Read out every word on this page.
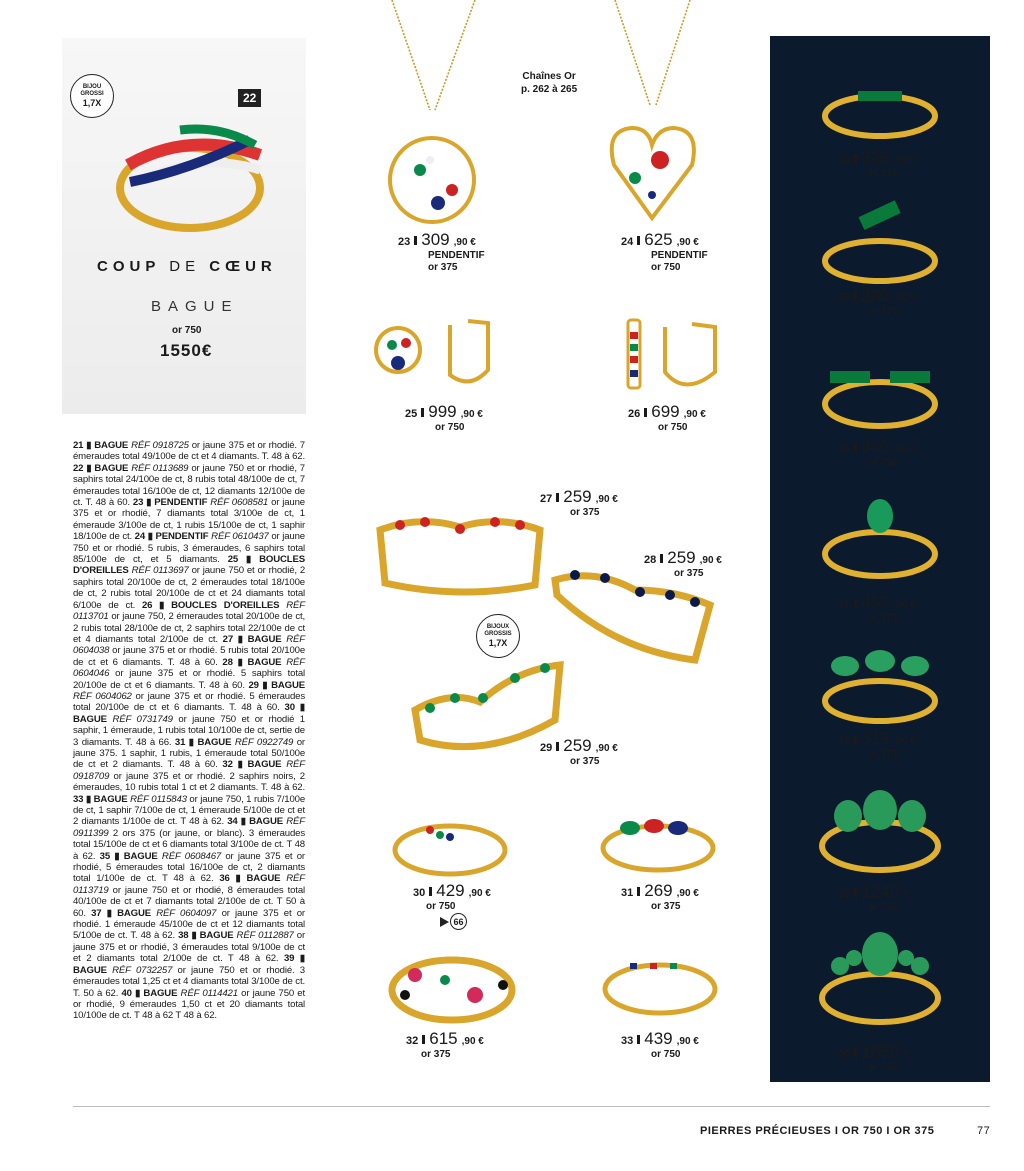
BIJOU
GROSSI
1,7X	22
COUP DE CŒUR
BAGUE
or 750
1550€
21 ▮ BAGUE RÉF 0918725 or jaune 375 et or rhodié. 7 émeraudes total 49/100e de ct et 4 diamants. T. 48 à 62. 22 ▮ BAGUE RÉF 0113689 or jaune 750 et or rhodié, 7 saphirs total 24/100e de ct, 8 rubis total 48/100e de ct, 7 émeraudes total 16/100e de ct, 12 diamants 12/100e de ct. T. 48 à 60. 23 ▮ PENDENTIF RÉF 0608581 or jaune 375 et or rhodié, 7 diamants total 3/100e de ct, 1 émeraude 3/100e de ct, 1 rubis 15/100e de ct, 1 saphir 18/100e de ct. 24 ▮ PENDENTIF RÉF 0610437 or jaune 750 et or rhodié. 5 rubis, 3 émeraudes, 6 saphirs total 85/100e de ct, et 5 diamants. 25 ▮ BOUCLES D'OREILLES RÉF 0113697 or jaune 750 et or rhodié, 2 saphirs total 20/100e de ct, 2 émeraudes total 18/100e de ct, 2 rubis total 20/100e de ct et 24 diamants total 6/100e de ct. 26 ▮ BOUCLES D'OREILLES RÉF 0113701 or jaune 750, 2 émeraudes total 20/100e de ct, 2 rubis total 28/100e de ct, 2 saphirs total 22/100e de ct et 4 diamants total 2/100e de ct. 27 ▮ BAGUE RÉF 0604038 or jaune 375 et or rhodié. 5 rubis total 20/100e de ct et 6 diamants. T. 48 à 60. 28 ▮ BAGUE RÉF 0604046 or jaune 375 et or rhodié. 5 saphirs total 20/100e de ct et 6 diamants. T. 48 à 60. 29 ▮ BAGUE RÉF 0604062 or jaune 375 et or rhodié. 5 émeraudes total 20/100e de ct et 6 diamants. T. 48 à 60. 30 ▮ BAGUE RÉF 0731749 or jaune 750 et or rhodié 1 saphir, 1 émeraude, 1 rubis total 10/100e de ct, sertie de 3 diamants. T. 48 à 66. 31 ▮ BAGUE RÉF 0922749 or jaune 375. 1 saphir, 1 rubis, 1 émeraude total 50/100e de ct et 2 diamants. T. 48 à 60. 32 ▮ BAGUE RÉF 0918709 or jaune 375 et or rhodié. 2 saphirs noirs, 2 émeraudes, 10 rubis total 1 ct et 2 diamants. T. 48 à 62. 33 ▮ BAGUE RÉF 0115843 or jaune 750, 1 rubis 7/100e de ct, 1 saphir 7/100e de ct, 1 émeraude 5/100e de ct et 2 diamants 1/100e de ct. T 48 à 62. 34 ▮ BAGUE RÉF 0911399 2 ors 375 (or jaune, or blanc). 3 émeraudes total 15/100e de ct et 6 diamants total 3/100e de ct. T 48 à 62. 35 ▮ BAGUE RÉF 0608467 or jaune 375 et or rhodié, 5 émeraudes total 16/100e de ct, 2 diamants total 1/100e de ct. T 48 à 62. 36 ▮ BAGUE RÉF 0113719 or jaune 750 et or rhodié, 8 émeraudes total 40/100e de ct et 7 diamants total 2/100e de ct. T 50 à 60. 37 ▮ BAGUE RÉF 0604097 or jaune 375 et or rhodié. 1 émeraude 45/100e de ct et 12 diamants total 5/100e de ct. T. 48 à 62. 38 ▮ BAGUE RÉF 0112887 or jaune 375 et or rhodié, 3 émeraudes total 9/100e de ct et 2 diamants total 2/100e de ct. T 48 à 62. 39 ▮ BAGUE RÉF 0732257 or jaune 750 et or rhodié. 3 émeraudes total 1,25 ct et 4 diamants total 3/100e de ct. T. 50 à 62. 40 ▮ BAGUE RÉF 0114421 or jaune 750 et or rhodié, 9 émeraudes 1,50 ct et 20 diamants total 10/100e de ct. T 48 à 62 T 48 à 62.
Chaînes Or
p. 262 à 265
BIJOUX
GROSSIS
1,7X
23 309 ,90 €
PENDENTIF
or 375
24 625 ,90 €
PENDENTIF
or 750
25 999 ,90 €
or 750
26 699 ,90 €
or 750
27 259 ,90 €
or 375
28 259 ,90 €
or 375
29 259 ,90 €
or 375
30 429 ,90 €
or 750
66
31 269 ,90 €
or 375
32 615 ,90 €
or 375
33 439 ,90 €
or 750
34 325 ,90 €
or 375
35 289 ,90 €
or 375
36 845 ,90 €
or 750
37 455 ,90 €
or 375
38 319 ,90 €
or 375
39 1240 €
or 750
40 1850 €
or 750
PIERRES PRÉCIEUSES I OR 750 I OR 375	77
